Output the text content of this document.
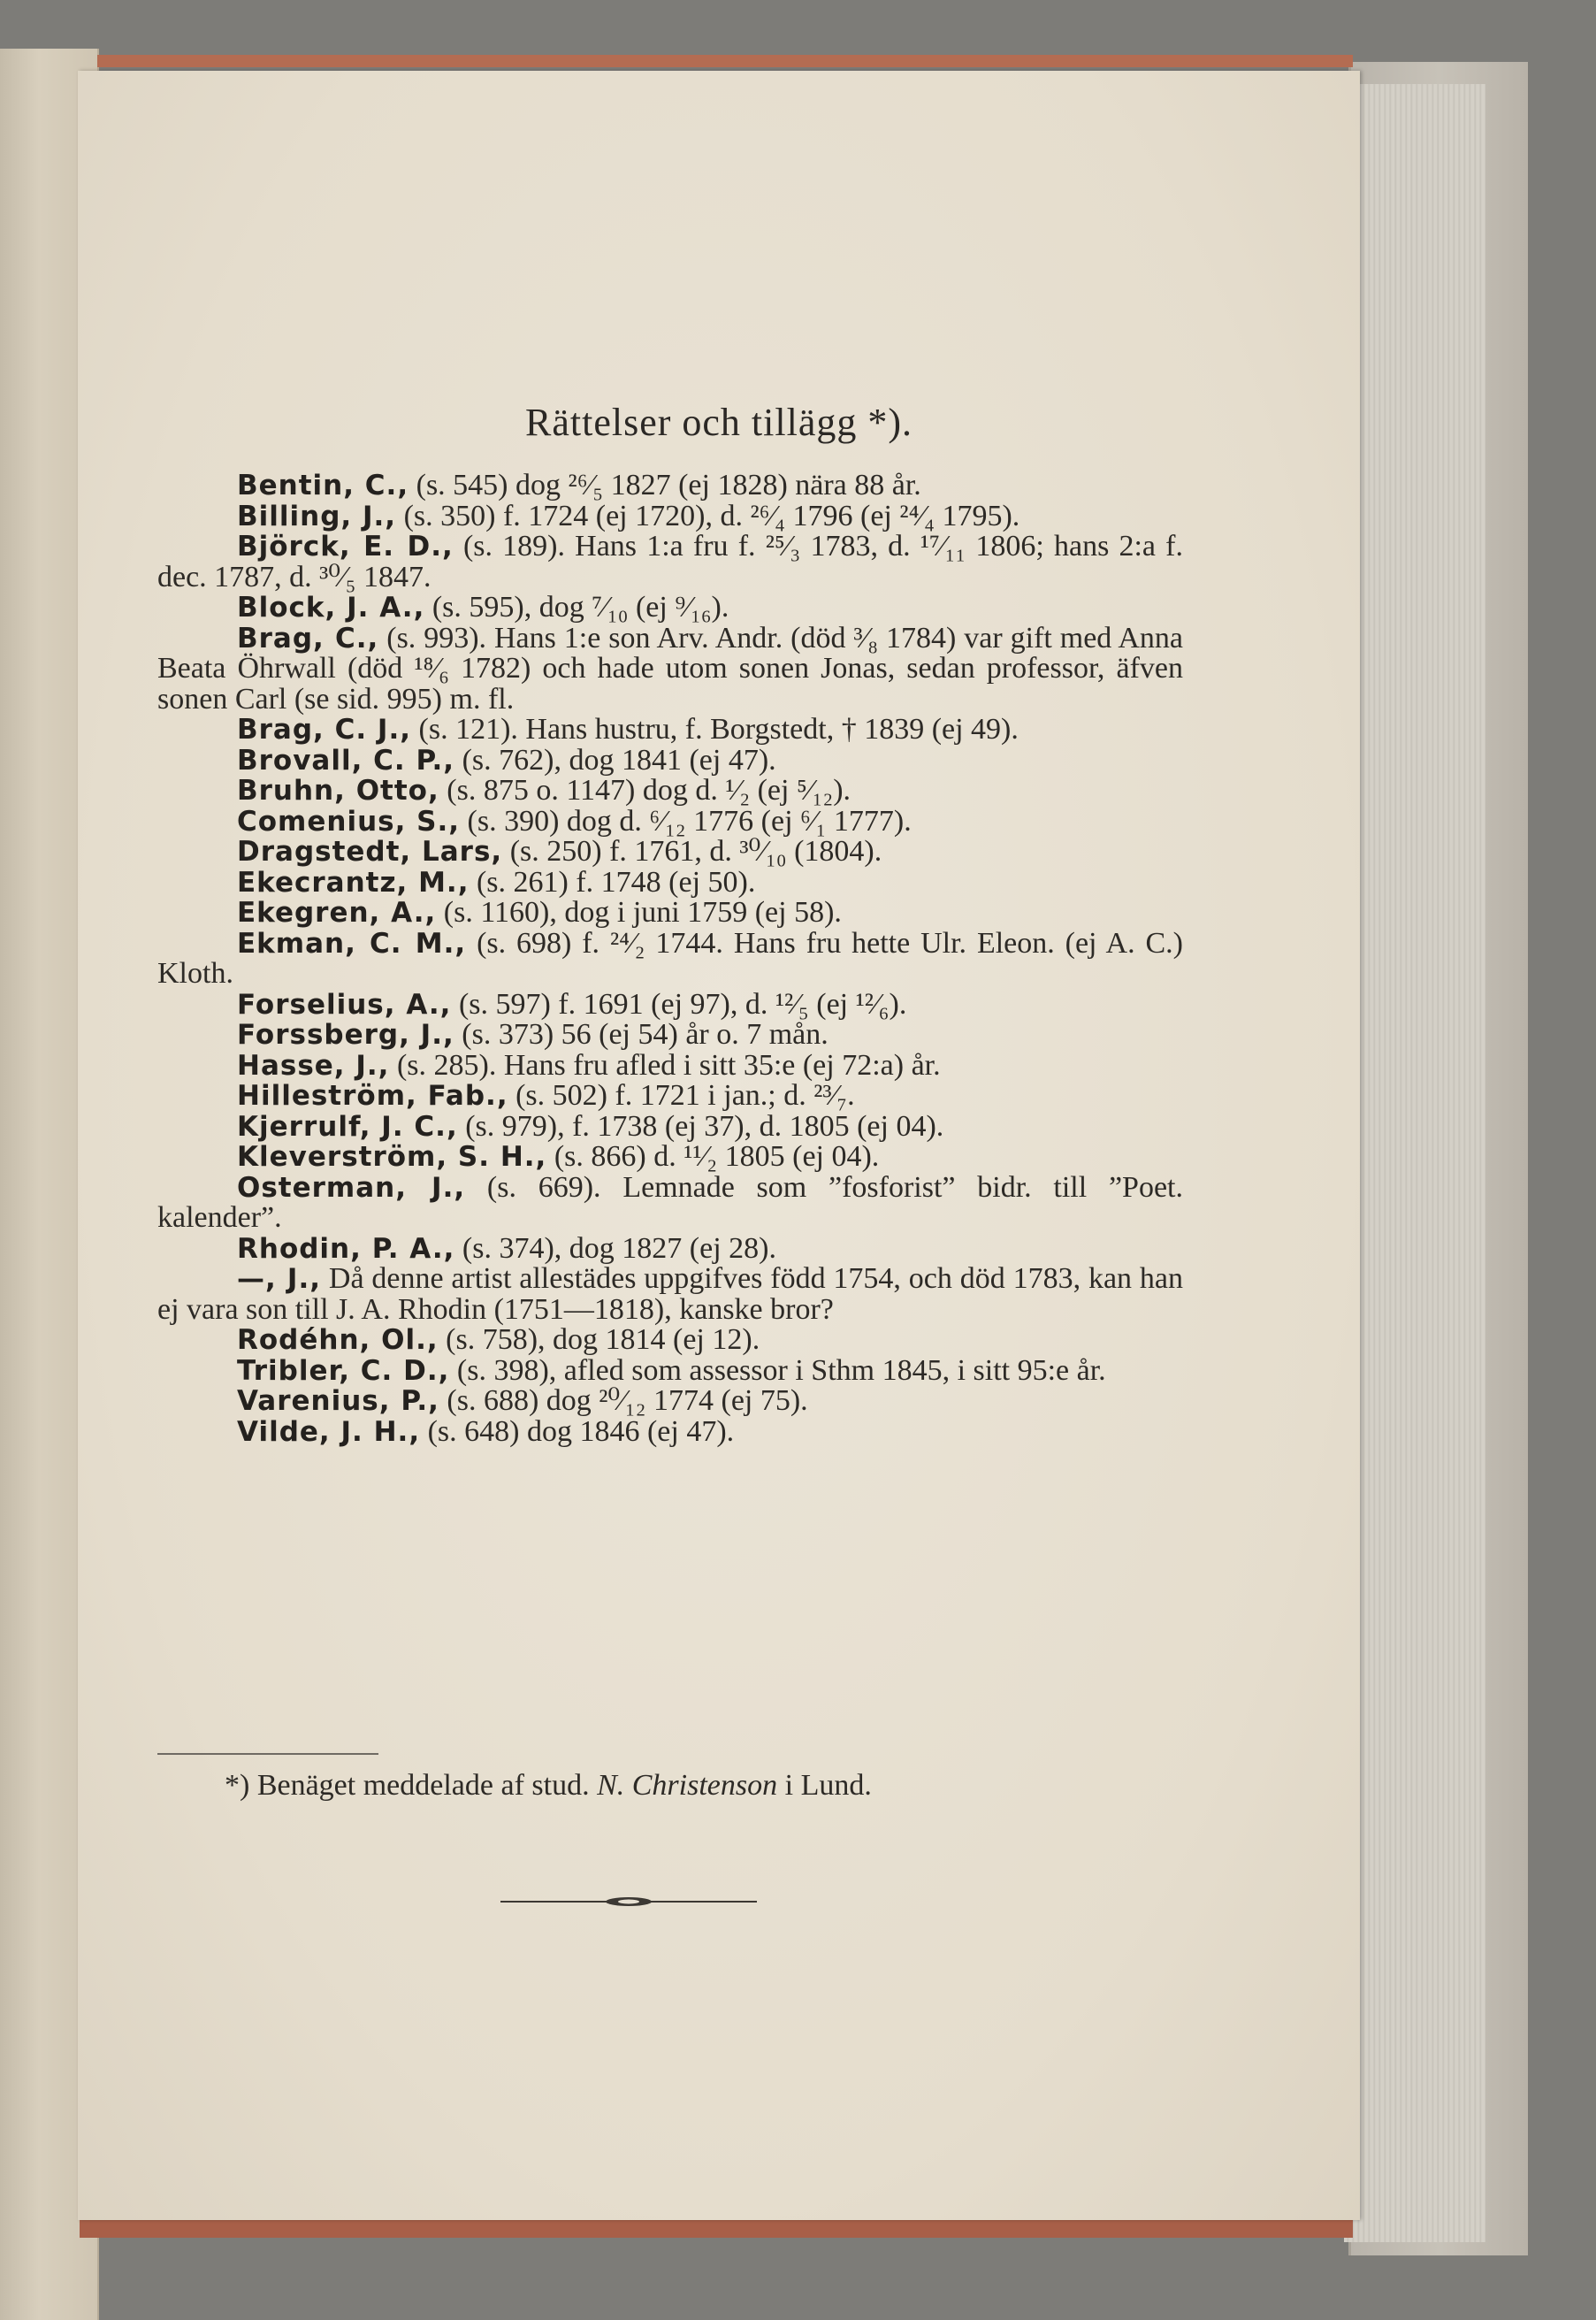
Rättelser och tillägg *).

Bentin, C. , (s. 545) dog ²⁶⁄₅ 1827 (ej 1828) nära 88 år.

Billing, J. , (s. 350) f. 1724 (ej 1720), d. ²⁶⁄₄ 1796 (ej ²⁴⁄₄ 1795).

Björck, E. D. , (s. 189). Hans 1:a fru f. ²⁵⁄₃ 1783, d. ¹⁷⁄₁₁ 1806; hans 2:a f. dec. 1787, d. ³⁰⁄₅ 1847.

Block, J. A. , (s. 595), dog ⁷⁄₁₀ (ej ⁹⁄₁₆).

Brag, C. , (s. 993). Hans 1:e son Arv. Andr. (död ³⁄₈ 1784) var gift med Anna Beata Öhrwall (död ¹⁸⁄₆ 1782) och hade utom sonen Jonas, sedan professor, äfven sonen Carl (se sid. 995) m. fl.

Brag, C. J. , (s. 121). Hans hustru, f. Borgstedt, † 1839 (ej 49).

Brovall, C. P. , (s. 762), dog 1841 (ej 47).

Bruhn, Otto , (s. 875 o. 1147) dog d. ¹⁄₂ (ej ⁵⁄₁₂).

Comenius, S. , (s. 390) dog d. ⁶⁄₁₂ 1776 (ej ⁶⁄₁ 1777).

Dragstedt, Lars , (s. 250) f. 1761, d. ³⁰⁄₁₀ (1804).

Ekecrantz, M. , (s. 261) f. 1748 (ej 50).

Ekegren, A. , (s. 1160), dog i juni 1759 (ej 58).

Ekman, C. M. , (s. 698) f. ²⁴⁄₂ 1744. Hans fru hette Ulr. Eleon. (ej A. C.) Kloth.

Forselius, A. , (s. 597) f. 1691 (ej 97), d. ¹²⁄₅ (ej ¹²⁄₆).

Forssberg, J. , (s. 373) 56 (ej 54) år o. 7 mån.

Hasse, J. , (s. 285). Hans fru afled i sitt 35:e (ej 72:a) år.

Hilleström, Fab. , (s. 502) f. 1721 i jan.; d. ²³⁄₇.

Kjerrulf, J. C. , (s. 979), f. 1738 (ej 37), d. 1805 (ej 04).

Kleverström, S. H. , (s. 866) d. ¹¹⁄₂ 1805 (ej 04).

Osterman, J. , (s. 669). Lemnade som ”fosforist” bidr. till ”Poet. kalender”.

Rhodin, P. A. , (s. 374), dog 1827 (ej 28).

—, J. , Då denne artist allestädes uppgifves född 1754, och död 1783, kan han ej vara son till J. A. Rhodin (1751—1818), kanske bror?

Rodéhn, Ol. , (s. 758), dog 1814 (ej 12).

Tribler, C. D. , (s. 398), afled som assessor i Sthm 1845, i sitt 95:e år.

Varenius, P. , (s. 688) dog ²⁰⁄₁₂ 1774 (ej 75).

Vilde, J. H. , (s. 648) dog 1846 (ej 47).

*) Benäget meddelade af stud. N. Christenson i Lund.
